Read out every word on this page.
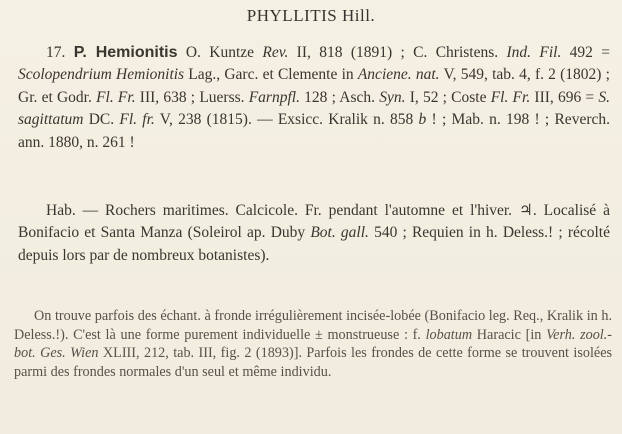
PHYLLITIS Hill.
17. P. Hemionitis O. Kuntze Rev. II, 818 (1891) ; C. Christens. Ind. Fil. 492 = Scolopendrium Hemionitis Lag., Garc. et Clemente in Anciene. nat. V, 549, tab. 4, f. 2 (1802) ; Gr. et Godr. Fl. Fr. III, 638 ; Luerss. Farnpfl. 128 ; Asch. Syn. I, 52 ; Coste Fl. Fr. III, 696 = S. sagittatum DC. Fl. fr. V, 238 (1815). — Exsicc. Kralik n. 858 b ! ; Mab. n. 198 ! ; Reverch. ann. 1880, n. 261 !
Hab. — Rochers maritimes. Calcicole. Fr. pendant l'automne et l'hiver. ♃. Localisé à Bonifacio et Santa Manza (Soleirol ap. Duby Bot. gall. 540 ; Requien in h. Deless.! ; récolté depuis lors par de nombreux botanistes).
On trouve parfois des échant. à fronde irrégulièrement incisée-lobée (Bonifacio leg. Req., Kralik in h. Deless.!). C'est là une forme purement individuelle ± monstrueuse : f. lobatum Haracic [in Verh. zool.-bot. Ges. Wien XLIII, 212, tab. III, fig. 2 (1893)]. Parfois les frondes de cette forme se trouvent isolées parmi des frondes normales d'un seul et même individu.
